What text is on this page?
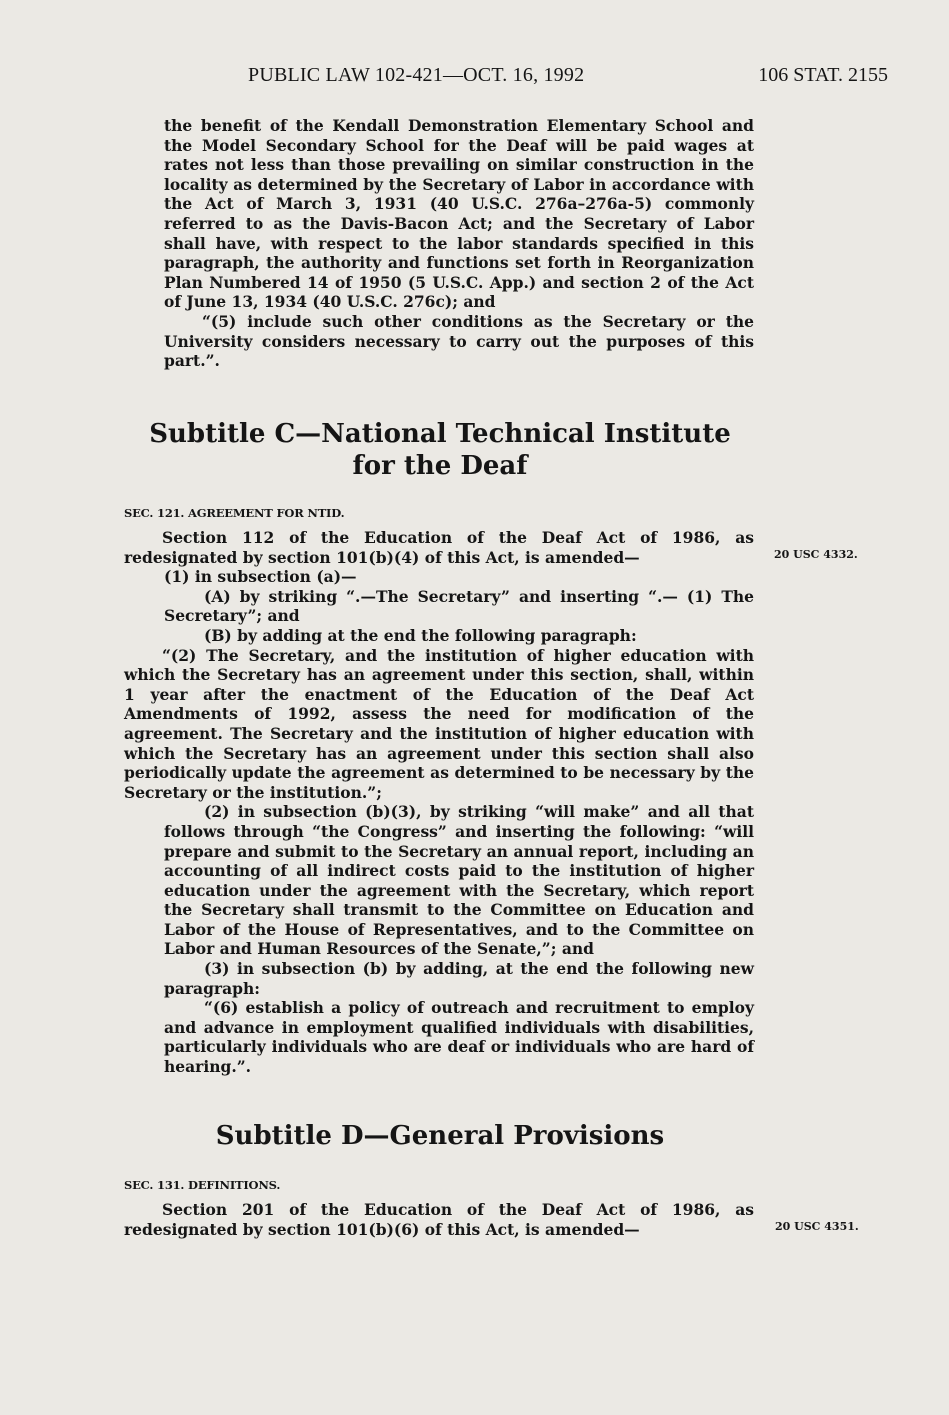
PUBLIC LAW 102-421—OCT. 16, 1992	106 STAT. 2155

the benefit of the Kendall Demonstration Elementary School and the Model Secondary School for the Deaf will be paid wages at rates not less than those prevailing on similar construction in the locality as determined by the Secretary of Labor in accordance with the Act of March 3, 1931 (40 U.S.C. 276a–276a-5) commonly referred to as the Davis-Bacon Act; and the Secretary of Labor shall have, with respect to the labor standards specified in this paragraph, the authority and functions set forth in Reorganization Plan Numbered 14 of 1950 (5 U.S.C. App.) and section 2 of the Act of June 13, 1934 (40 U.S.C. 276c); and

“(5) include such other conditions as the Secretary or the University considers necessary to carry out the purposes of this part.”.

Subtitle C—National Technical Institute
for the Deaf
SEC. 121. AGREEMENT FOR NTID.
20 USC 4332.

Section 112 of the Education of the Deaf Act of 1986, as redesignated by section 101(b)(4) of this Act, is amended—

(1) in subsection (a)—

(A) by striking “.—The Secretary” and inserting “.— (1) The Secretary”; and

(B) by adding at the end the following paragraph:

“(2) The Secretary, and the institution of higher education with which the Secretary has an agreement under this section, shall, within 1 year after the enactment of the Education of the Deaf Act Amendments of 1992, assess the need for modification of the agreement. The Secretary and the institution of higher education with which the Secretary has an agreement under this section shall also periodically update the agreement as determined to be necessary by the Secretary or the institution.”;

(2) in subsection (b)(3), by striking “will make” and all that follows through “the Congress” and inserting the following: “will prepare and submit to the Secretary an annual report, including an accounting of all indirect costs paid to the institution of higher education under the agreement with the Secretary, which report the Secretary shall transmit to the Committee on Education and Labor of the House of Representatives, and to the Committee on Labor and Human Resources of the Senate,”; and

(3) in subsection (b) by adding, at the end the following new paragraph:

“(6) establish a policy of outreach and recruitment to employ and advance in employment qualified individuals with disabilities, particularly individuals who are deaf or individuals who are hard of hearing.”.

Subtitle D—General Provisions
SEC. 131. DEFINITIONS.
20 USC 4351.

Section 201 of the Education of the Deaf Act of 1986, as redesignated by section 101(b)(6) of this Act, is amended—
